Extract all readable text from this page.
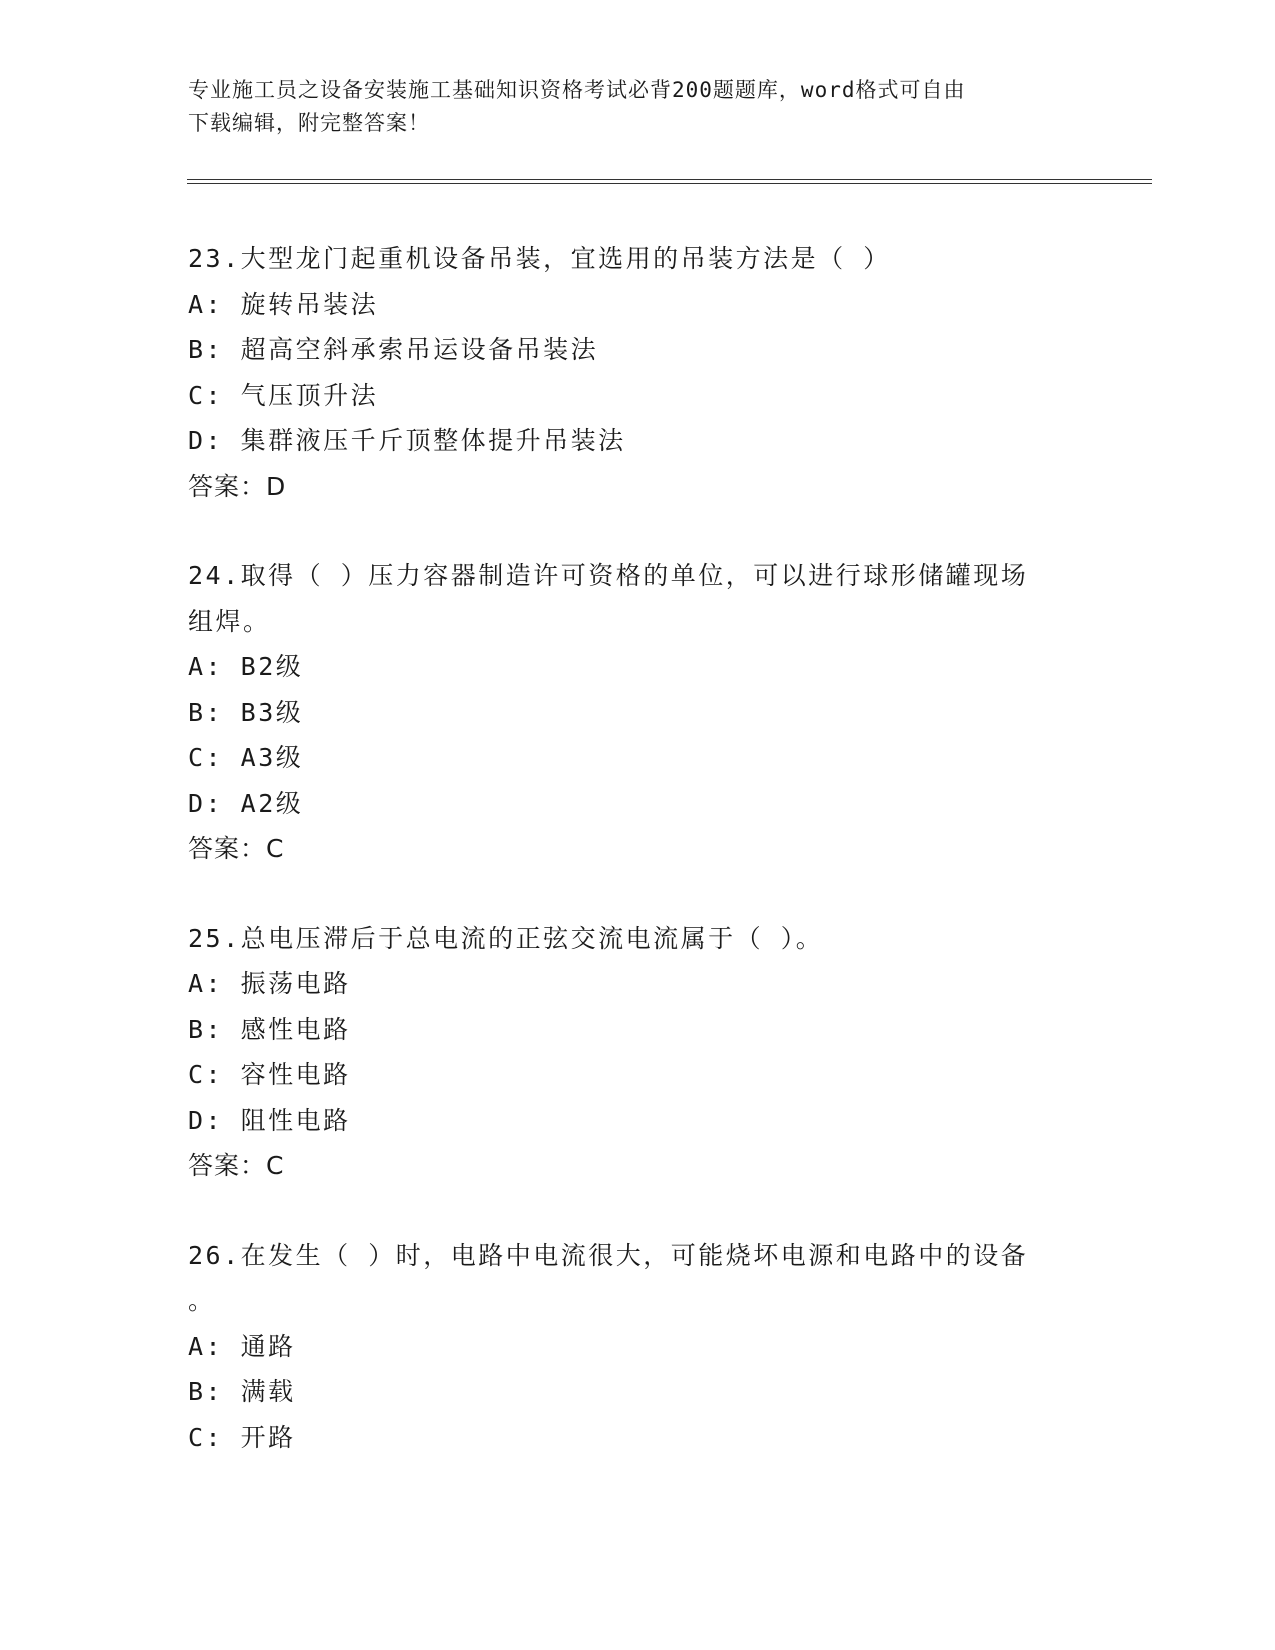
专业施工员之设备安装施工基础知识资格考试必背200题题库，word格式可自由
下载编辑，附完整答案！
23.大型龙门起重机设备吊装，宜选用的吊装方法是（ ）
A: 旋转吊装法
B: 超高空斜承索吊运设备吊装法
C: 气压顶升法
D: 集群液压千斤顶整体提升吊装法
答案：D
24.取得（ ）压力容器制造许可资格的单位，可以进行球形储罐现场
组焊。
A: B2级
B: B3级
C: A3级
D: A2级
答案：C
25.总电压滞后于总电流的正弦交流电流属于（ ）。
A: 振荡电路
B: 感性电路
C: 容性电路
D: 阻性电路
答案：C
26.在发生（ ）时，电路中电流很大，可能烧坏电源和电路中的设备
。
A: 通路
B: 满载
C: 开路
